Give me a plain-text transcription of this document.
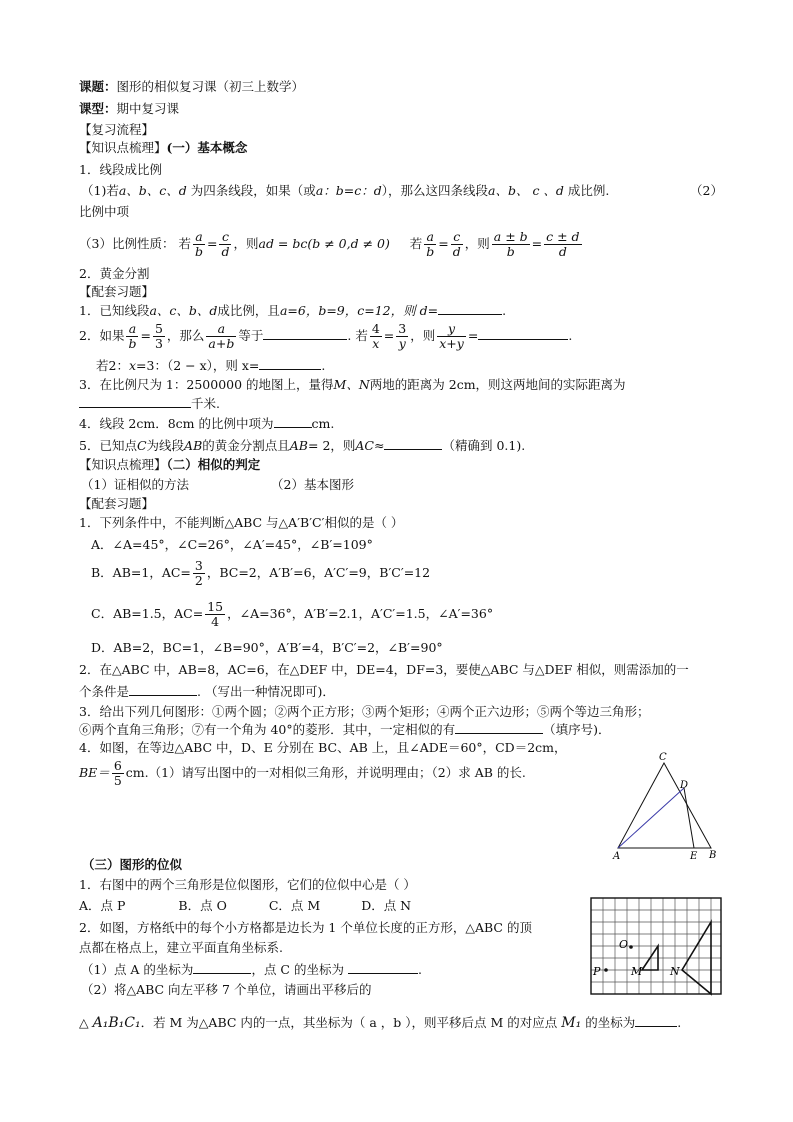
课题：图形的相似复习课（初三上数学）
课型：期中复习课
【复习流程】
【知识点梳理】(一）基本概念
1．线段成比例
（1)若a、b、c、d 为四条线段，如果（或a：b=c：d），那么这四条线段a、b、 c 、d 成比例.	（2）
比例中项
（3）比例性质： 若 $\frac{a}{b} = \frac{c}{d}$ ，则ad = bc(b ≠ 0,d ≠ 0) 若 $\frac{a}{b} = \frac{c}{d}$ ，则 $\frac{a \pm b}{b} = \frac{c \pm d}{d}$
2．黄金分割
【配套习题】
1．已知线段a、c、b、d成比例，且a=6，b=9，c=12，则 d=	.
2．如果 $\frac{a}{b} = \frac{5}{3}$ ，那么 $\frac{a}{a+b}$ 等于	. 若 $\frac{4}{x} = \frac{3}{y}$ ，则 $\frac{y}{x+y}$ =	.
若2：x=3：（2 − x），则 x=	.
3．在比例尺为 1：2500000 的地图上，量得M、N两地的距离为 2cm，则这两地间的实际距离为
千米.
4．线段 2cm．8cm 的比例中项为	cm.
5．已知点C为线段AB的黄金分割点且AB= 2，则AC≈	（精确到 0.1).
【知识点梳理】（二）相似的判定
（1）证相似的方法	（2）基本图形
【配套习题】
1．下列条件中，不能判断△ABC 与△A′B′C′相似的是（ ）
A．∠A=45°，∠C=26°，∠A′=45°，∠B′=109°
B．AB=1，$AC= \frac{3}{2}$ ，BC=2，A′B′=6，A′C′=9，B′C′=12
C．AB=1.5，$AC= \frac{15}{4}$ ，∠A=36°，A′B′=2.1，A′C′=1.5，∠A′=36°
D．AB=2，BC=1，∠B=90°，A′B′=4，B′C′=2，∠B′=90°
2．在△ABC 中，AB=8，AC=6，在△DEF 中，DE=4，DF=3，要使△ABC 与△DEF 相似，则需添加的一
个条件是	. （写出一种情况即可)．
3．给出下列几何图形：①两个圆；②两个正方形；③两个矩形；④两个正六边形；⑤两个等边三角形；
⑥两个直角三角形；⑦有一个角为 40°的菱形．其中，一定相似的有	（填序号)．
4．如图，在等边△ABC 中，D、E 分别在 BC、AB 上，且∠ADE＝60°，CD＝2cm，
$BE= \frac{6}{5} cm.(1)$请写出图中的一对相似三角形，并说明理由；（2）求 AB 的长.
C
D
A	E B
（三）图形的位似
1．右图中的两个三角形是位似图形，它们的位似中心是（ ）
A．点 P	B．点 O	C．点 M	D．点 N
2．如图，方格纸中的每个小方格都是边长为 1 个单位长度的正方形，△ABC 的顶
点都在格点上，建立平面直角坐标系.
（1）点 A 的坐标为	，点 C 的坐标为	.
（2）将△ABC 向左平移 7 个单位，请画出平移后的
△ A₁B₁C₁．若 M 为△ABC 内的一点，其坐标为（ a ，b ），则平移后点 M 的对应点 M₁ 的坐标为	.
O
P	M	N
